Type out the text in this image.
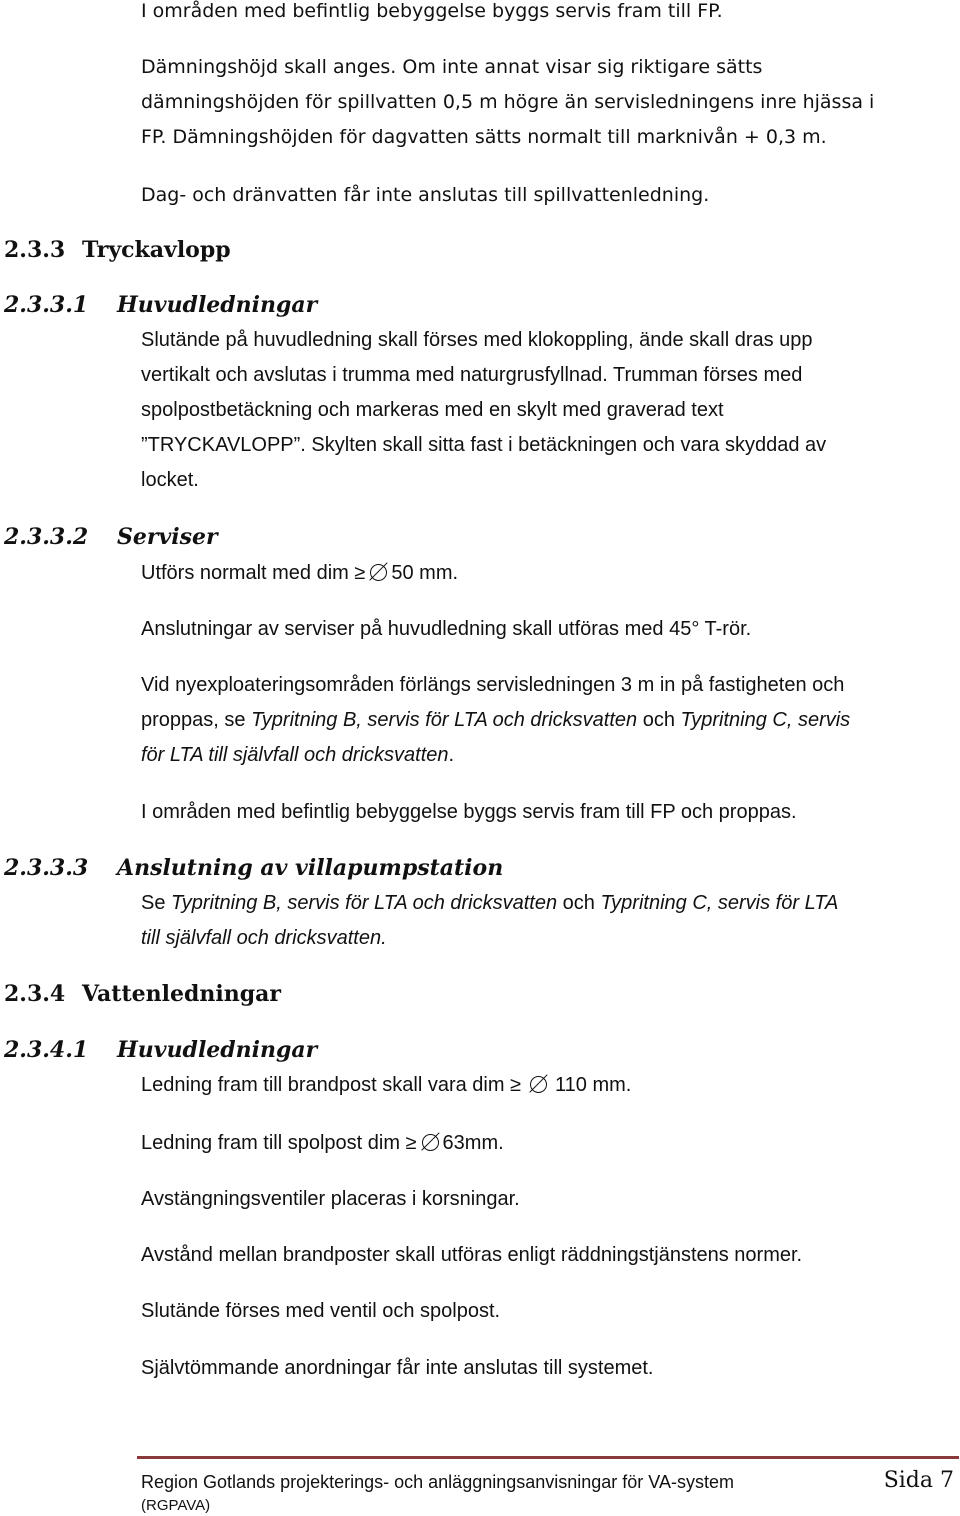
I områden med befintlig bebyggelse byggs servis fram till FP.
Dämningshöjd skall anges. Om inte annat visar sig riktigare sätts
dämningshöjden för spillvatten 0,5 m högre än servisledningens inre hjässa i
FP. Dämningshöjden för dagvatten sätts normalt till marknivån + 0,3 m.
Dag- och dränvatten får inte anslutas till spillvattenledning.
2.3.3 Tryckavlopp
2.3.3.1 Huvudledningar
Slutände på huvudledning skall förses med klokoppling, ände skall dras upp
vertikalt och avslutas i trumma med naturgrusfyllnad. Trumman förses med
spolpostbetäckning och markeras med en skylt med graverad text
”TRYCKAVLOPP”. Skylten skall sitta fast i betäckningen och vara skyddad av
locket.
2.3.3.2 Serviser
Utförs normalt med dim ≥ 50 mm.
Anslutningar av serviser på huvudledning skall utföras med 45° T-rör.
Vid nyexploateringsområden förlängs servisledningen 3 m in på fastigheten och
proppas, se Typritning B, servis för LTA och dricksvatten och Typritning C, servis
för LTA till självfall och dricksvatten.
I områden med befintlig bebyggelse byggs servis fram till FP och proppas.
2.3.3.3 Anslutning av villapumpstation
Se Typritning B, servis för LTA och dricksvatten och Typritning C, servis för LTA
till självfall och dricksvatten.
2.3.4 Vattenledningar
2.3.4.1 Huvudledningar
Ledning fram till brandpost skall vara dim ≥ 110 mm.
Ledning fram till spolpost dim ≥ 63mm.
Avstängningsventiler placeras i korsningar.
Avstånd mellan brandposter skall utföras enligt räddningstjänstens normer.
Slutände förses med ventil och spolpost.
Självtömmande anordningar får inte anslutas till systemet.
Region Gotlands projekterings- och anläggningsanvisningar för VA-system
(RGPAVA)
Sida 7
